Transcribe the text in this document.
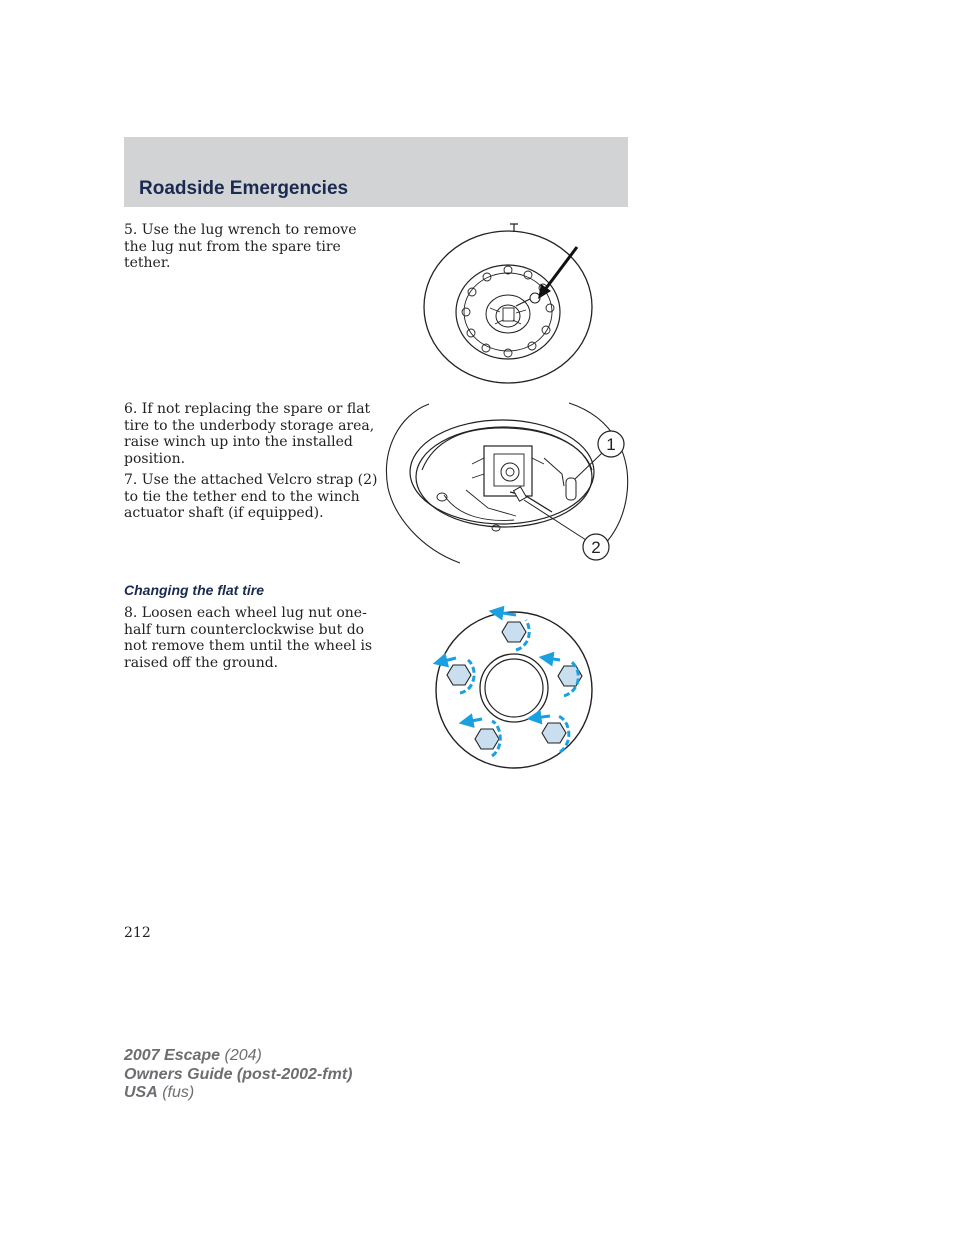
Roadside Emergencies
5. Use the lug wrench to remove the lug nut from the spare tire tether.
6. If not replacing the spare or flat tire to the underbody storage area, raise winch up into the installed position.
7. Use the attached Velcro strap (2) to tie the tether end to the winch actuator shaft (if equipped).
1
2
Changing the flat tire
8. Loosen each wheel lug nut one-half turn counterclockwise but do not remove them until the wheel is raised off the ground.
212
2007 Escape (204)
Owners Guide (post-2002-fmt)
USA (fus)
